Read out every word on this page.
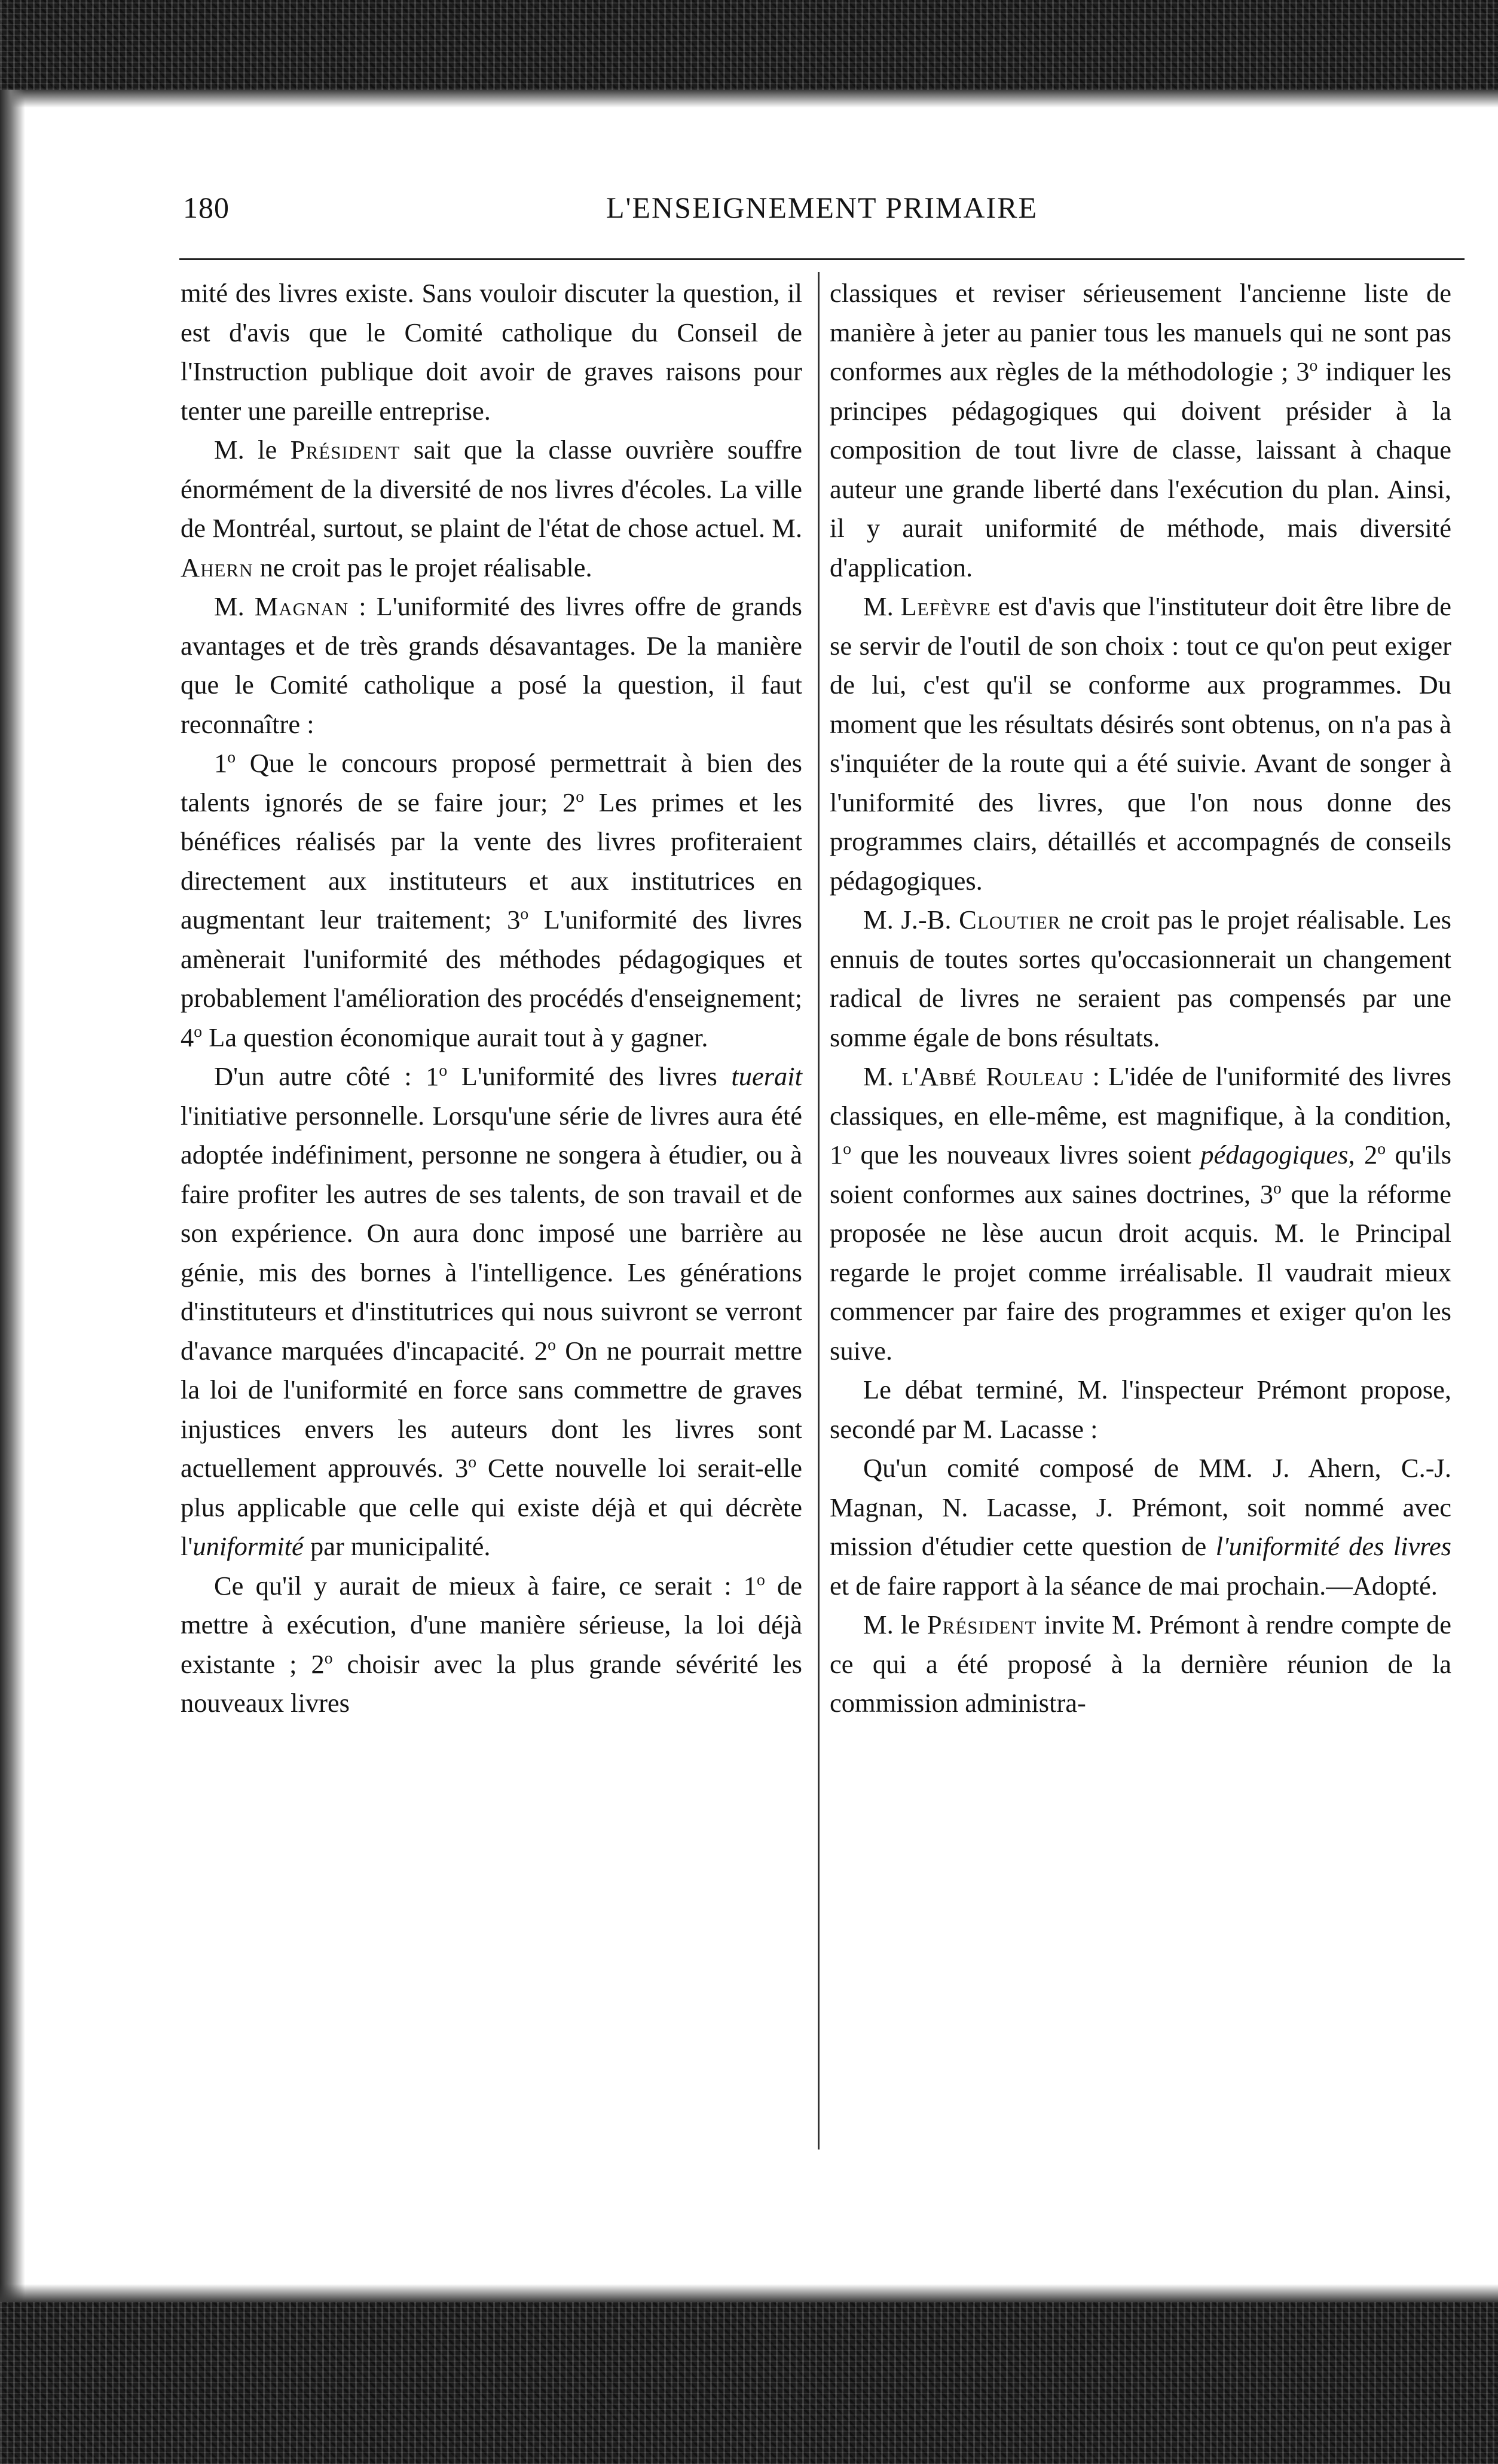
180	L'ENSEIGNEMENT PRIMAIRE

mité des livres existe. Sans vouloir discuter la question, il est d'avis que le Comité catholique du Conseil de l'Instruction publique doit avoir de graves raisons pour tenter une pareille entreprise.

M. le Président sait que la classe ouvrière souffre énormément de la diversité de nos livres d'écoles. La ville de Montréal, surtout, se plaint de l'état de chose actuel. M. Ahern ne croit pas le projet réalisable.

M. Magnan : L'uniformité des livres offre de grands avantages et de très grands désavantages. De la manière que le Comité catholique a posé la question, il faut reconnaître :

1$^o$ Que le concours proposé permettrait à bien des talents ignorés de se faire jour; 2$^o$ Les primes et les bénéfices réalisés par la vente des livres profiteraient directement aux instituteurs et aux institutrices en augmentant leur traitement; 3$^o$ L'uniformité des livres amènerait l'uniformité des méthodes pédagogiques et probablement l'amélioration des procédés d'enseignement; 4$^o$ La question économique aurait tout à y gagner.

D'un autre côté : 1$^o$ L'uniformité des livres tuerait l'initiative personnelle. Lorsqu'une série de livres aura été adoptée indéfiniment, personne ne songera à étudier, ou à faire profiter les autres de ses talents, de son travail et de son expérience. On aura donc imposé une barrière au génie, mis des bornes à l'intelligence. Les générations d'instituteurs et d'institutrices qui nous suivront se verront d'avance marquées d'incapacité. 2$^o$ On ne pourrait mettre la loi de l'uniformité en force sans commettre de graves injustices envers les auteurs dont les livres sont actuellement approuvés. 3$^o$ Cette nouvelle loi serait-elle plus applicable que celle qui existe déjà et qui décrète l'uniformité par municipalité.

Ce qu'il y aurait de mieux à faire, ce serait : 1$^o$ de mettre à exécution, d'une manière sérieuse, la loi déjà existante ; 2$^o$ choisir avec la plus grande sévérité les nouveaux livres

classiques et reviser sérieusement l'ancienne liste de manière à jeter au panier tous les manuels qui ne sont pas conformes aux règles de la méthodologie ; 3$^o$ indiquer les principes pédagogiques qui doivent présider à la composition de tout livre de classe, laissant à chaque auteur une grande liberté dans l'exécution du plan. Ainsi, il y aurait uniformité de méthode, mais diversité d'application.

M. Lefèvre est d'avis que l'instituteur doit être libre de se servir de l'outil de son choix : tout ce qu'on peut exiger de lui, c'est qu'il se conforme aux programmes. Du moment que les résultats désirés sont obtenus, on n'a pas à s'inquiéter de la route qui a été suivie. Avant de songer à l'uniformité des livres, que l'on nous donne des programmes clairs, détaillés et accompagnés de conseils pédagogiques.

M. J.-B. Cloutier ne croit pas le projet réalisable. Les ennuis de toutes sortes qu'occasionnerait un changement radical de livres ne seraient pas compensés par une somme égale de bons résultats.

M. l'Abbé Rouleau : L'idée de l'uniformité des livres classiques, en elle-même, est magnifique, à la condition, 1$^o$ que les nouveaux livres soient pédagogiques, 2$^o$ qu'ils soient conformes aux saines doctrines, 3$^o$ que la réforme proposée ne lèse aucun droit acquis. M. le Principal regarde le projet comme irréalisable. Il vaudrait mieux commencer par faire des programmes et exiger qu'on les suive.

Le débat terminé, M. l'inspecteur Prémont propose, secondé par M. Lacasse :

Qu'un comité composé de MM. J. Ahern, C.-J. Magnan, N. Lacasse, J. Prémont, soit nommé avec mission d'étudier cette question de l'uniformité des livres et de faire rapport à la séance de mai prochain.—Adopté.

M. le Président invite M. Prémont à rendre compte de ce qui a été proposé à la dernière réunion de la commission administra-
